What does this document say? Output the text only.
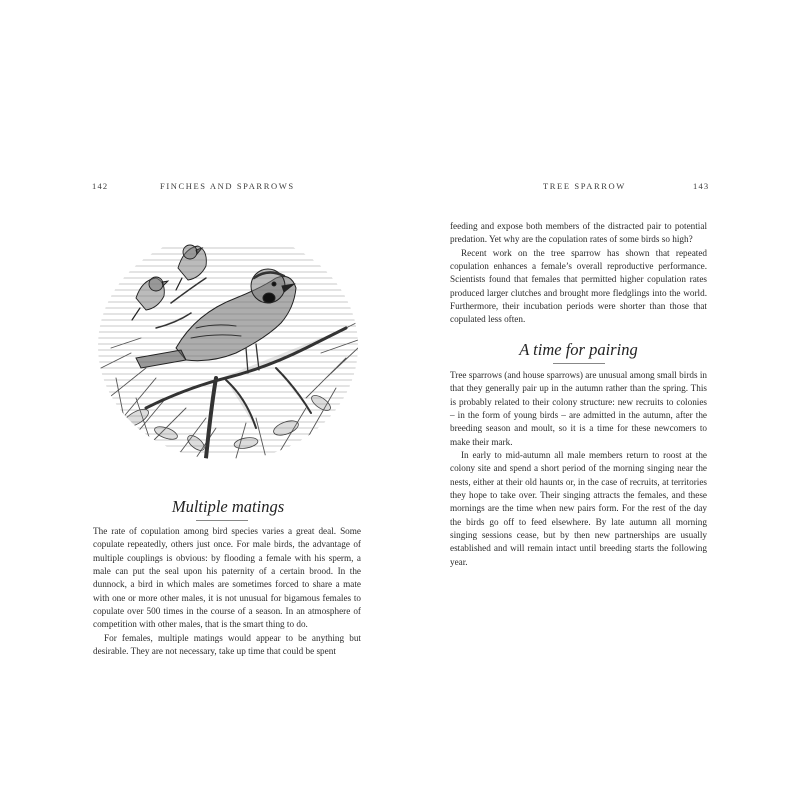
142	FINCHES AND SPARROWS
Multiple matings

The rate of copulation among bird species varies a great deal. Some copulate repeatedly, others just once. For male birds, the advantage of multiple couplings is obvious: by flooding a female with his sperm, a male can put the seal upon his paternity of a certain brood. In the dunnock, a bird in which males are sometimes forced to share a mate with one or more other males, it is not unusual for bigamous females to copulate over 500 times in the course of a season. In an atmosphere of competition with other males, that is the smart thing to do.

For females, multiple matings would appear to be anything but desirable. They are not necessary, take up time that could be spent

TREE SPARROW	143

feeding and expose both members of the distracted pair to potential predation. Yet why are the copulation rates of some birds so high?

Recent work on the tree sparrow has shown that repeated copulation enhances a female’s overall reproductive performance. Scientists found that females that permitted higher copulation rates produced larger clutches and brought more fledglings into the world. Furthermore, their incubation periods were shorter than those that copulated less often.

A time for pairing

Tree sparrows (and house sparrows) are unusual among small birds in that they generally pair up in the autumn rather than the spring. This is probably related to their colony structure: new recruits to colonies – in the form of young birds – are admitted in the autumn, after the breeding season and moult, so it is a time for these newcomers to make their mark.

In early to mid-autumn all male members return to roost at the colony site and spend a short period of the morning singing near the nests, either at their old haunts or, in the case of recruits, at territories they hope to take over. Their singing attracts the females, and these mornings are the time when new pairs form. For the rest of the day the birds go off to feed elsewhere. By late autumn all morning singing sessions cease, but by then new partnerships are usually established and will remain intact until breeding starts the following year.
